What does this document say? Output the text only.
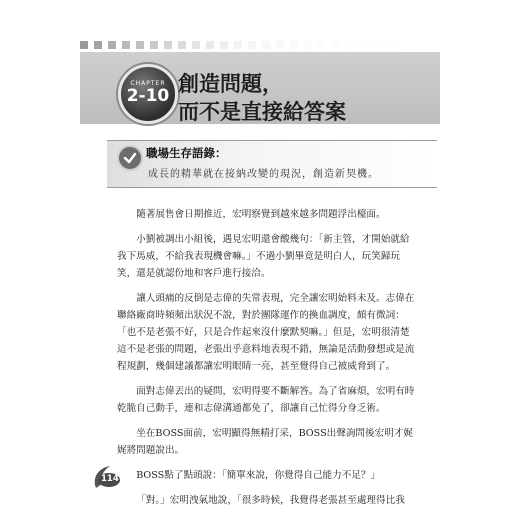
CHAPTER
2-10 創造問題，
而不是直接給答案
職場生存語錄：
成長的精華就在接納改變的現況，創造新契機。

隨著展售會日期推近，宏明察覺到越來越多問題浮出檯面。

小劉被調出小組後，遇見宏明還會酸幾句：「新主管，才開始就給我下馬威，不給我表現機會嘛。」不過小劉畢竟是明白人，玩笑歸玩笑，還是就認份地和客戶進行接洽。

讓人頭痛的反倒是志偉的失常表現，完全讓宏明始料未及。志偉在聯絡廠商時頻頻出狀況不說，對於團隊運作的換血調度，頗有微詞：「也不是老張不好，只是合作起來沒什麼默契嘛。」但是，宏明很清楚這不是老張的問題，老張出乎意料地表現不錯，無論是活動發想或是流程規劃，幾個建議都讓宏明眼睛一亮，甚至覺得自己被威脅到了。

面對志偉丟出的疑問，宏明得要不斷解答。為了省麻煩，宏明有時乾脆自己動手，連和志偉溝通都免了，卻讓自己忙得分身乏術。

坐在BOSS面前，宏明顯得無精打采，BOSS出聲詢問後宏明才娓娓將問題說出。

BOSS點了點頭說：「簡單來說，你覺得自己能力不足？」

「對。」宏明洩氣地說，「很多時候，我覺得老張甚至處理得比我

114
